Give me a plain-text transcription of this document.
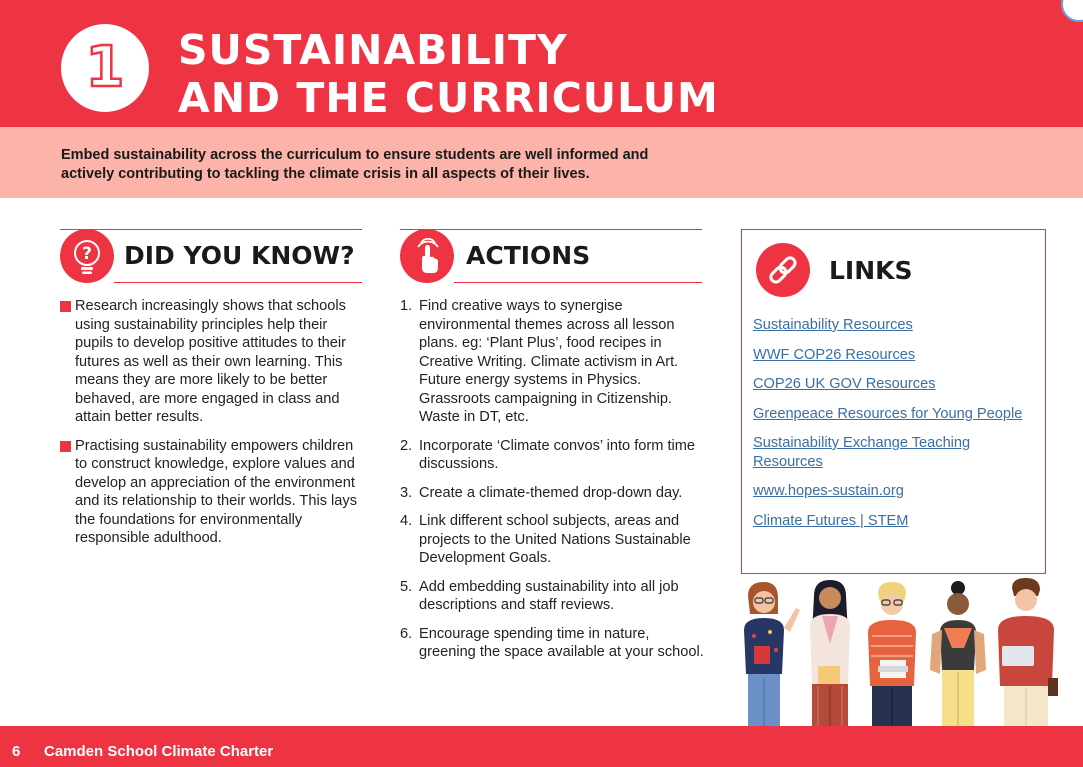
1	SUSTAINABILITY
AND THE CURRICULUM

Embed sustainability across the curriculum to ensure students are well informed and actively contributing to tackling the climate crisis in all aspects of their lives.

? DID YOU KNOW?
Research increasingly shows that schools using sustainability principles help their pupils to develop positive attitudes to their futures as well as their own learning. This means they are more likely to be better behaved, are more engaged in class and attain better results.
Practising sustainability empowers children to construct knowledge, explore values and develop an appreciation of the environment and its relationship to their worlds. This lays the foundations for environmentally responsible adulthood.
ACTIONS
1. Find creative ways to synergise environmental themes across all lesson plans. eg: ‘Plant Plus’, food recipes in Creative Writing. Climate activism in Art. Future energy systems in Physics. Grassroots campaigning in Citizenship. Waste in DT, etc.
2. Incorporate ‘Climate convos’ into form time discussions.
3. Create a climate-themed drop-down day.
4. Link different school subjects, areas and projects to the United Nations Sustainable Development Goals.
5. Add embedding sustainability into all job descriptions and staff reviews.
6. Encourage spending time in nature, greening the space available at your school.
LINKS
Sustainability Resources
WWF COP26 Resources
COP26 UK GOV Resources
Greenpeace Resources for Young People
Sustainability Exchange Teaching Resources
www.hopes-sustain.org
Climate Futures | STEM
6 Camden School Climate Charter
